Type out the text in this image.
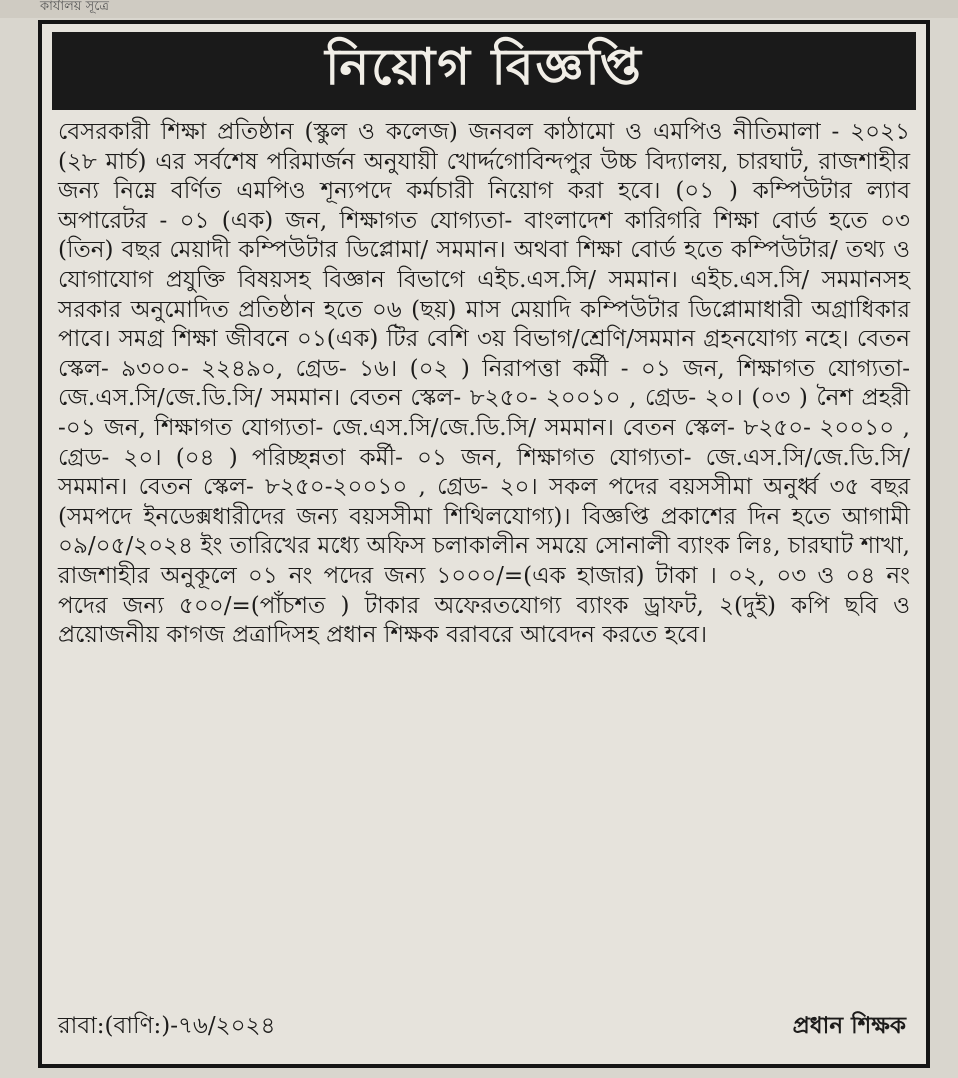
কার্যালয় সূত্রে
নিয়োগ বিজ্ঞপ্তি

বেসরকারী শিক্ষা প্রতিষ্ঠান (স্কুল ও কলেজ) জনবল কাঠামো ও এমপিও নীতিমালা - ২০২১ (২৮ মার্চ) এর সর্বশেষ পরিমার্জন অনুযায়ী খোর্দ্দগোবিন্দপুর উচ্চ বিদ্যালয়, চারঘাট, রাজশাহীর জন্য নিম্নে বর্ণিত এমপিও শূন্যপদে কর্মচারী নিয়োগ করা হবে। (০১ ) কম্পিউটার ল্যাব অপারেটর - ০১ (এক) জন, শিক্ষাগত যোগ্যতা- বাংলাদেশ কারিগরি শিক্ষা বোর্ড হতে ০৩ (তিন) বছর মেয়াদী কম্পিউটার ডিপ্লোমা/ সমমান। অথবা শিক্ষা বোর্ড হতে কম্পিউটার/ তথ্য ও যোগাযোগ প্রযুক্তি বিষয়সহ বিজ্ঞান বিভাগে এইচ.এস.সি/ সমমান। এইচ.এস.সি/ সমমানসহ সরকার অনুমোদিত প্রতিষ্ঠান হতে ০৬ (ছয়) মাস মেয়াদি কম্পিউটার ডিপ্লোমাধারী অগ্রাধিকার পাবে। সমগ্র শিক্ষা জীবনে ০১(এক) টির বেশি ৩য় বিভাগ/শ্রেণি/সমমান গ্রহনযোগ্য নহে। বেতন স্কেল- ৯৩০০- ২২৪৯০, গ্রেড- ১৬। (০২ ) নিরাপত্তা কর্মী - ০১ জন, শিক্ষাগত যোগ্যতা- জে.এস.সি/জে.ডি.সি/ সমমান। বেতন স্কেল- ৮২৫০- ২০০১০ , গ্রেড- ২০। (০৩ ) নৈশ প্রহরী -০১ জন, শিক্ষাগত যোগ্যতা- জে.এস.সি/জে.ডি.সি/ সমমান। বেতন স্কেল- ৮২৫০- ২০০১০ , গ্রেড- ২০। (০৪ ) পরিচ্ছন্নতা কর্মী- ০১ জন, শিক্ষাগত যোগ্যতা- জে.এস.সি/জে.ডি.সি/ সমমান। বেতন স্কেল- ৮২৫০-২০০১০ , গ্রেড- ২০। সকল পদের বয়সসীমা অনুর্ধ্ব ৩৫ বছর (সমপদে ইনডেক্সধারীদের জন্য বয়সসীমা শিথিলযোগ্য)। বিজ্ঞপ্তি প্রকাশের দিন হতে আগামী ০৯/০৫/২০২৪ ইং তারিখের মধ্যে অফিস চলাকালীন সময়ে সোনালী ব্যাংক লিঃ, চারঘাট শাখা, রাজশাহীর অনুকূলে ০১ নং পদের জন্য ১০০০/=(এক হাজার) টাকা । ০২, ০৩ ও ০৪ নং পদের জন্য ৫০০/=(পাঁচশত ) টাকার অফেরতযোগ্য ব্যাংক ড্রাফট, ২(দুই) কপি ছবি ও প্রয়োজনীয় কাগজ প্রত্রাদিসহ প্রধান শিক্ষক বরাবরে আবেদন করতে হবে।

রাবা:(বাণি:)-৭৬/২০২৪	প্রধান শিক্ষক
